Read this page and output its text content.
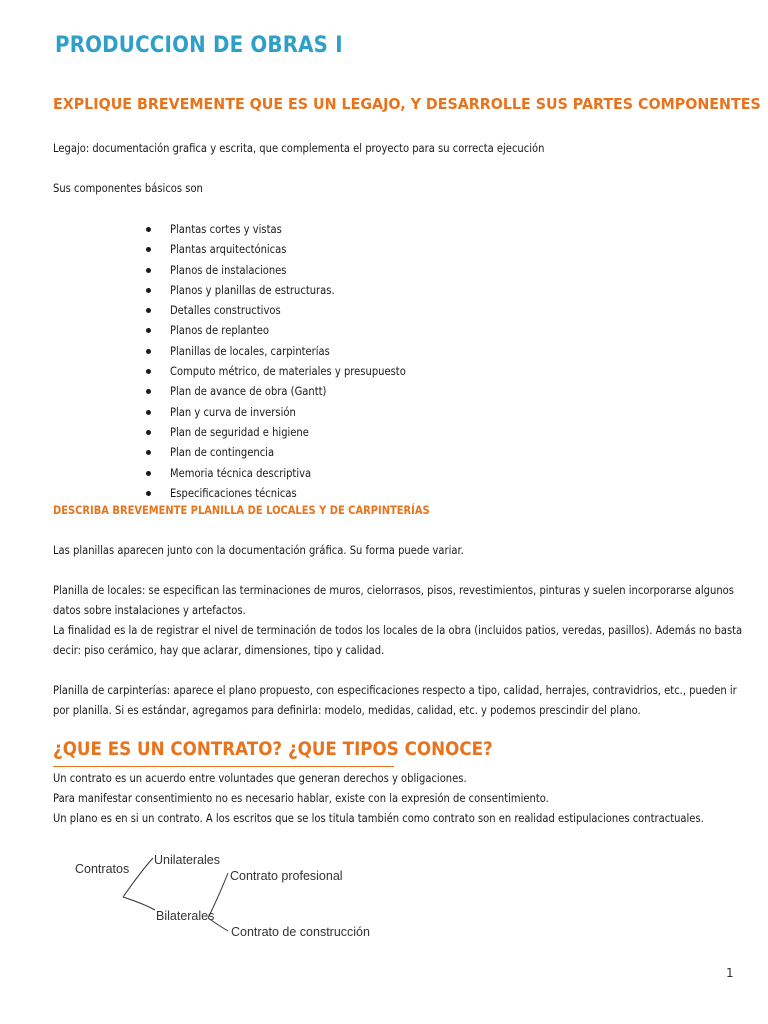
PRODUCCION DE OBRAS I
EXPLIQUE BREVEMENTE QUE ES UN LEGAJO, Y DESARROLLE SUS PARTES COMPONENTES
Legajo: documentación grafica y escrita, que complementa el proyecto para su correcta ejecución
Sus componentes básicos son
Plantas cortes y vistas
Plantas arquitectónicas
Planos de instalaciones
Planos y planillas de estructuras.
Detalles constructivos
Planos de replanteo
Planillas de locales, carpinterías
Computo métrico, de materiales y presupuesto
Plan de avance de obra (Gantt)
Plan y curva de inversión
Plan de seguridad e higiene
Plan de contingencia
Memoria técnica descriptiva
Especificaciones técnicas
DESCRIBA BREVEMENTE PLANILLA DE LOCALES Y DE CARPINTERÍAS
Las planillas aparecen junto con la documentación gráfica. Su forma puede variar.
Planilla de locales: se especifican las terminaciones de muros, cielorrasos, pisos, revestimientos, pinturas y suelen incorporarse algunos
datos sobre instalaciones y artefactos.
La finalidad es la de registrar el nivel de terminación de todos los locales de la obra (incluidos patios, veredas, pasillos). Además no basta
decir: piso cerámico, hay que aclarar, dimensiones, tipo y calidad.
Planilla de carpinterías: aparece el plano propuesto, con especificaciones respecto a tipo, calidad, herrajes, contravidrios, etc., pueden ir
por planilla. Si es estándar, agregamos para definirla: modelo, medidas, calidad, etc. y podemos prescindir del plano.
¿QUE ES UN CONTRATO? ¿QUE TIPOS CONOCE?
Un contrato es un acuerdo entre voluntades que generan derechos y obligaciones.
Para manifestar consentimiento no es necesario hablar, existe con la expresión de consentimiento.
Un plano es en si un contrato. A los escritos que se los titula también como contrato son en realidad estipulaciones contractuales.
Contratos
Unilaterales
Bilaterales
Contrato profesional
Contrato de construcción
1
